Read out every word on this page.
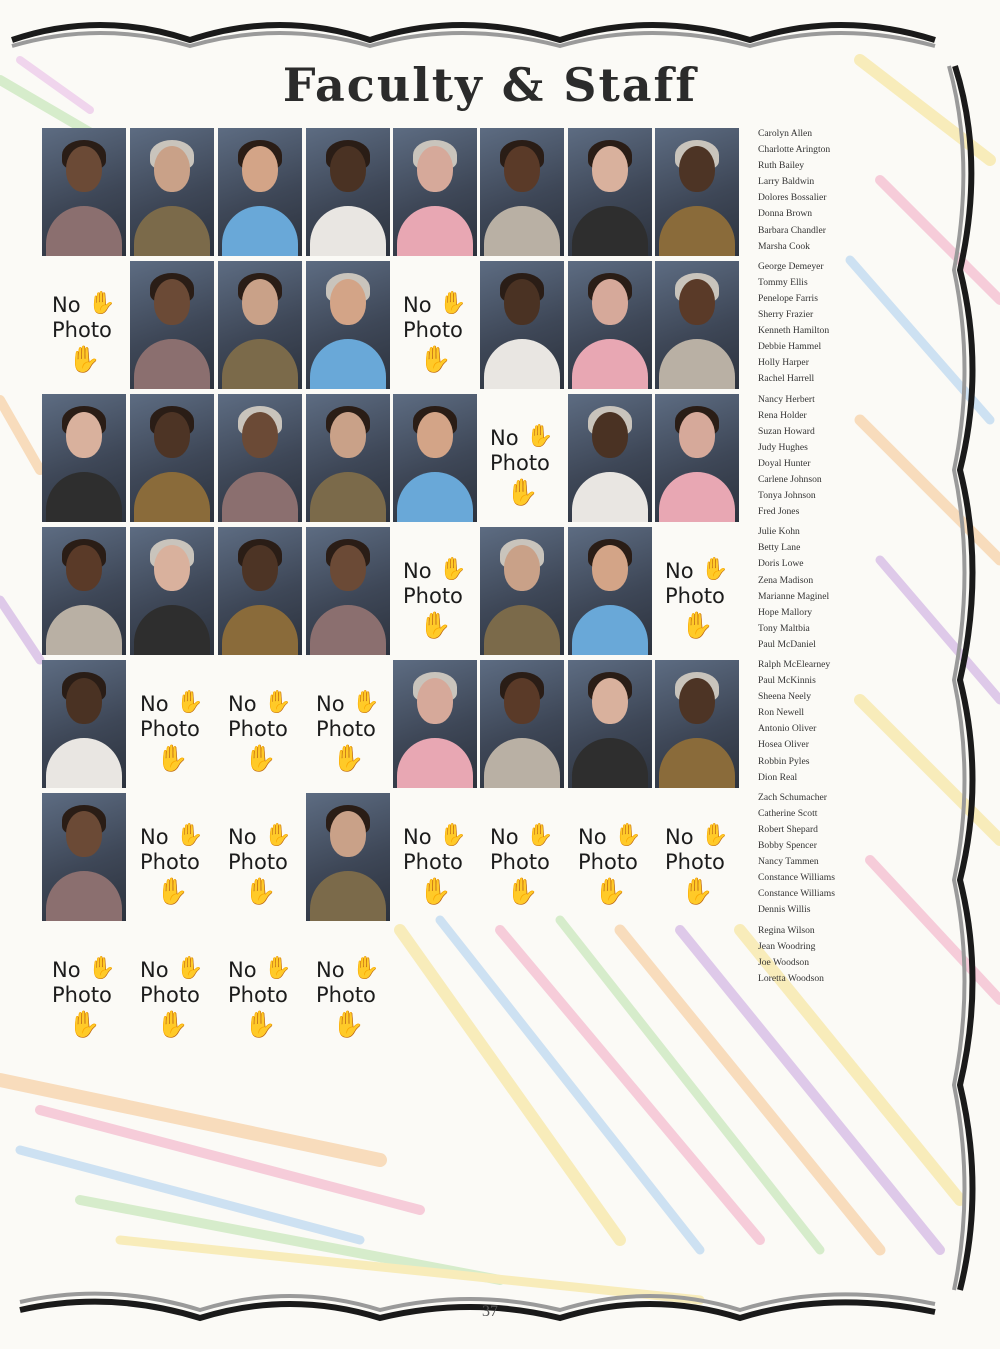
Faculty & Staff
No
Photo
✋
✋
No
Photo
✋
✋
No
Photo
✋
✋
No
Photo
✋
✋
No
Photo
✋
✋
No
Photo
✋
✋
No
Photo
✋
✋
No
Photo
✋
✋
No
Photo
✋
✋
No
Photo
✋
✋
No
Photo
✋
✋
No
Photo
✋
✋
No
Photo
✋
✋
No
Photo
✋
✋
No
Photo
✋
✋
No
Photo
✋
✋
No
Photo
✋
✋
No
Photo
✋
✋
Carolyn Allen
Charlotte Arington
Ruth Bailey
Larry Baldwin
Dolores Bossalier
Donna Brown
Barbara Chandler
Marsha Cook
George Demeyer
Tommy Ellis
Penelope Farris
Sherry Frazier
Kenneth Hamilton
Debbie Hammel
Holly Harper
Rachel Harrell
Nancy Herbert
Rena Holder
Suzan Howard
Judy Hughes
Doyal Hunter
Carlene Johnson
Tonya Johnson
Fred Jones
Julie Kohn
Betty Lane
Doris Lowe
Zena Madison
Marianne Maginel
Hope Mallory
Tony Maltbia
Paul McDaniel
Ralph McElearney
Paul McKinnis
Sheena Neely
Ron Newell
Antonio Oliver
Hosea Oliver
Robbin Pyles
Dion Real
Zach Schumacher
Catherine Scott
Robert Shepard
Bobby Spencer
Nancy Tammen
Constance Williams
Constance Williams
Dennis Willis
Regina Wilson
Jean Woodring
Joe Woodson
Loretta Woodson
37
